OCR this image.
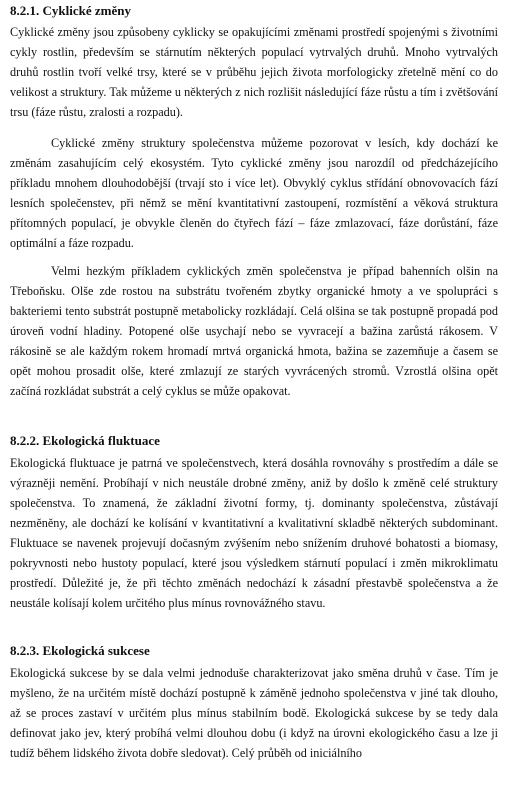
8.2.1. Cyklické změny

Cyklické změny jsou způsobeny cyklicky se opakujícími změnami prostředí spojenými s životními cykly rostlin, především se stárnutím některých populací vytrvalých druhů. Mnoho vytrvalých druhů rostlin tvoří velké trsy, které se v průběhu jejich života morfologicky zřetelně mění co do velikost a struktury. Tak můžeme u některých z nich rozlišit následující fáze růstu a tím i zvětšování trsu (fáze růstu, zralosti a rozpadu).

Cyklické změny struktury společenstva můžeme pozorovat v lesích, kdy dochází ke změnám zasahujícím celý ekosystém. Tyto cyklické změny jsou narozdíl od předcházejícího příkladu mnohem dlouhodobější (trvají sto i více let). Obvyklý cyklus střídání obnovovacích fází lesních společenstev, při němž se mění kvantitativní zastoupení, rozmístění a věková struktura přítomných populací, je obvykle členěn do čtyřech fází – fáze zmlazovací, fáze dorůstání, fáze optimální a fáze rozpadu.

Velmi hezkým příkladem cyklických změn společenstva je případ bahenních olšin na Třeboňsku. Olše zde rostou na substrátu tvořeném zbytky organické hmoty a ve spolupráci s bakteriemi tento substrát postupně metabolicky rozkládají. Celá olšina se tak postupně propadá pod úroveň vodní hladiny. Potopené olše usychají nebo se vyvracejí a bažina zarůstá rákosem. V rákosině se ale každým rokem hromadí mrtvá organická hmota, bažina se zazemňuje a časem se opět mohou prosadit olše, které zmlazují ze starých vyvrácených stromů. Vzrostlá olšina opět začíná rozkládat substrát a celý cyklus se může opakovat.

8.2.2. Ekologická fluktuace

Ekologická fluktuace je patrná ve společenstvech, která dosáhla rovnováhy s prostředím a dále se výrazněji nemění. Probíhají v nich neustále drobné změny, aniž by došlo k změně celé struktury společenstva. To znamená, že základní životní formy, tj. dominanty společenstva, zůstávají nezměněny, ale dochází ke kolísání v kvantitativní a kvalitativní skladbě některých subdominant. Fluktuace se navenek projevují dočasným zvýšením nebo snížením druhové bohatosti a biomasy, pokryvnosti nebo hustoty populací, které jsou výsledkem stárnutí populací i změn mikroklimatu prostředí. Důležité je, že při těchto změnách nedochází k zásadní přestavbě společenstva a že neustále kolísají kolem určitého plus mínus rovnovážného stavu.

8.2.3. Ekologická sukcese

Ekologická sukcese by se dala velmi jednoduše charakterizovat jako směna druhů v čase. Tím je myšleno, že na určitém místě dochází postupně k záměně jednoho společenstva v jiné tak dlouho, až se proces zastaví v určitém plus mínus stabilním bodě. Ekologická sukcese by se tedy dala definovat jako jev, který probíhá velmi dlouhou dobu (i když na úrovni ekologického času a lze ji tudíž během lidského života dobře sledovat). Celý průběh od iniciálního
